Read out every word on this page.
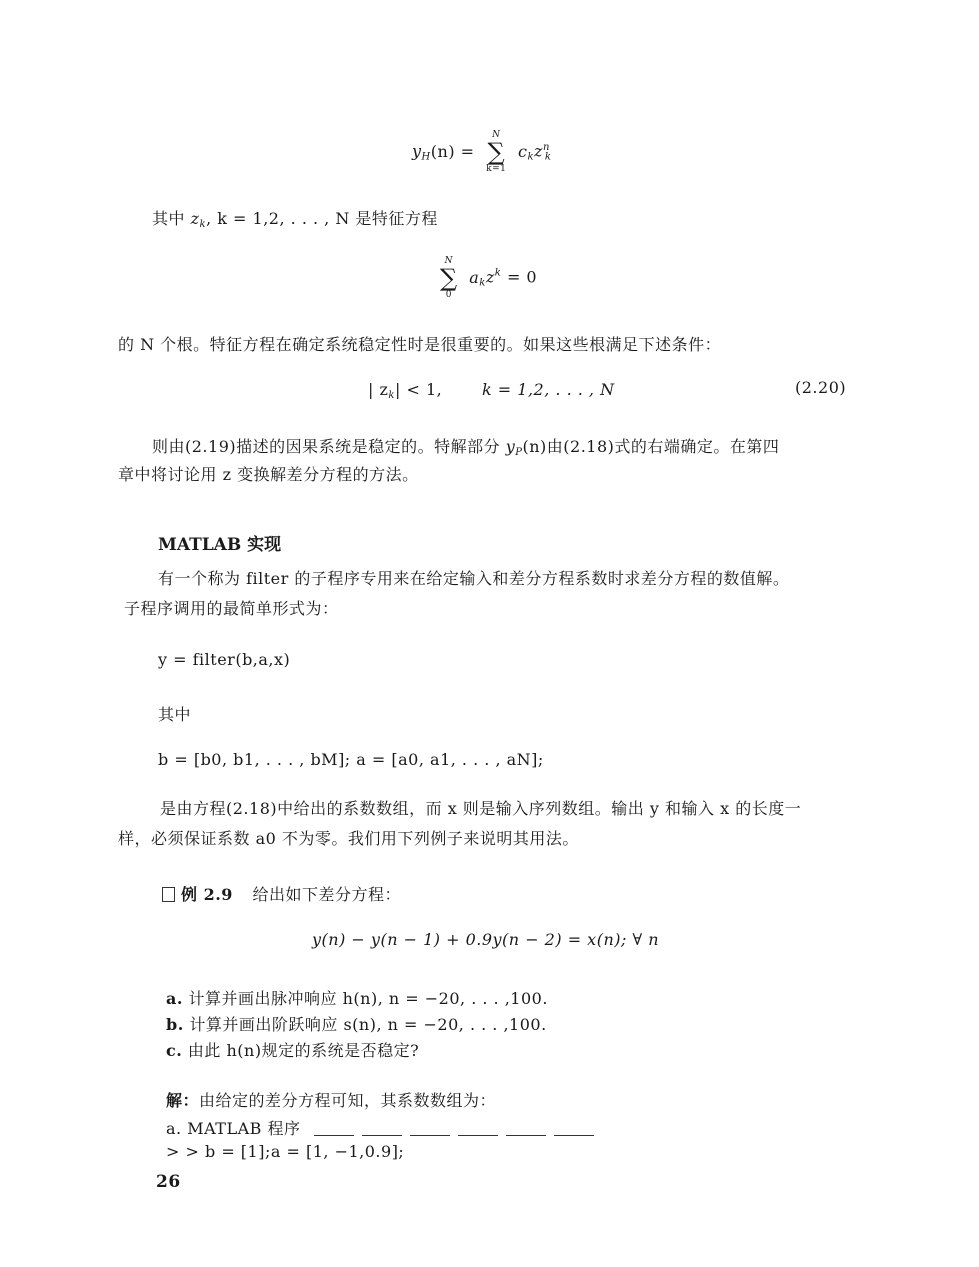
$y_H(n)$ =
N
∑
k=1
$c_kz^n_k$
其中 $z_k$, k = 1,2, . . . , N 是特征方程
N
∑
0
$a_kz^k = 0$
的 N 个根。特征方程在确定系统稳定性时是很重要的。如果这些根满足下述条件：
| $z_k| < 1$, k = 1,2, . . . , N	(2.20)
则由(2.19)描述的因果系统是稳定的。特解部分 $y_P(n)$由(2.18)式的右端确定。在第四
章中将讨论用 z 变换解差分方程的方法。
MATLAB 实现
有一个称为 filter 的子程序专用来在给定输入和差分方程系数时求差分方程的数值解。
子程序调用的最简单形式为：
y = filter(b,a,x)
其中
b = [b0, b1, . . . , bM]; a = [a0, a1, . . . , aN];
是由方程(2.18)中给出的系数数组，而 x 则是输入序列数组。输出 y 和输入 x 的长度一
样，必须保证系数 a0 不为零。我们用下列例子来说明其用法。
例 2.9 给出如下差分方程：
y(n) − y(n − 1) + 0.9y(n − 2) = x(n); ∀ n
a. 计算并画出脉冲响应 h(n), n = −20, . . . ,100.
b. 计算并画出阶跃响应 s(n), n = −20, . . . ,100.
c. 由此 h(n)规定的系统是否稳定?
解：由给定的差分方程可知，其系数数组为：
a. MATLAB 程序
> > b = [1];a = [1, −1,0.9];
26
